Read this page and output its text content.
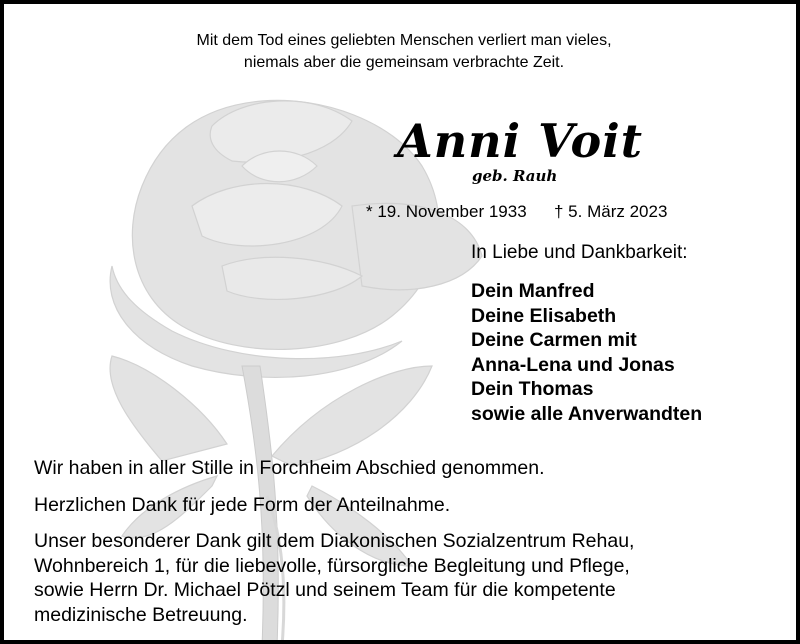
Mit dem Tod eines geliebten Menschen verliert man vieles,
niemals aber die gemeinsam verbrachte Zeit.
Anni Voit
geb. Rauh
* 19. November 1933 † 5. März 2023
In Liebe und Dankbarkeit:
Dein Manfred
Deine Elisabeth
Deine Carmen mit
Anna-Lena und Jonas
Dein Thomas
sowie alle Anverwandten
Wir haben in aller Stille in Forchheim Abschied genommen.
Herzlichen Dank für jede Form der Anteilnahme.
Unser besonderer Dank gilt dem Diakonischen Sozialzentrum Rehau,
Wohnbereich 1, für die liebevolle, fürsorgliche Begleitung und Pflege,
sowie Herrn Dr. Michael Pötzl und seinem Team für die kompetente
medizinische Betreuung.
